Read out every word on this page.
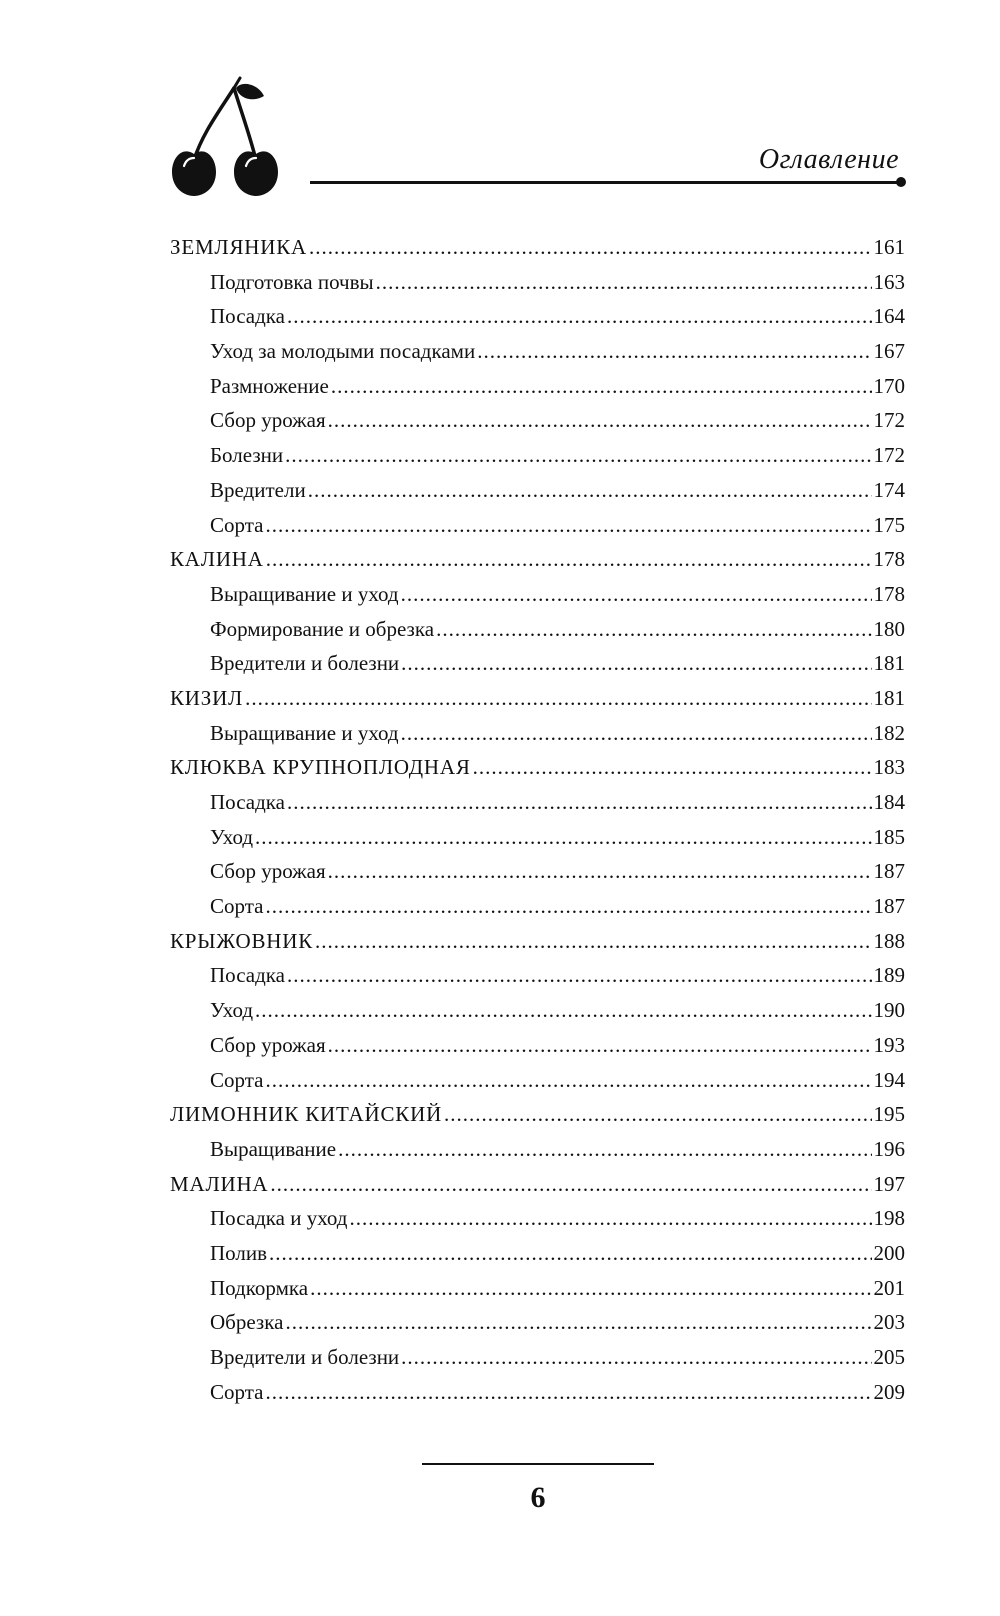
Оглавление
ЗЕМЛЯНИКА .....	161
Подготовка почвы .....	163
Посадка .....	164
Уход за молодыми посадками .....	167
Размножение .....	170
Сбор урожая .....	172
Болезни .....	172
Вредители .....	174
Сорта .....	175
КАЛИНА .....	178
Выращивание и уход .....	178
Формирование и обрезка .....	180
Вредители и болезни .....	181
КИЗИЛ .....	181
Выращивание и уход .....	182
КЛЮКВА КРУПНОПЛОДНАЯ .....	183
Посадка .....	184
Уход .....	185
Сбор урожая .....	187
Сорта .....	187
КРЫЖОВНИК .....	188
Посадка .....	189
Уход .....	190
Сбор урожая .....	193
Сорта .....	194
ЛИМОННИК КИТАЙСКИЙ .....	195
Выращивание .....	196
МАЛИНА .....	197
Посадка и уход .....	198
Полив .....	200
Подкормка .....	201
Обрезка .....	203
Вредители и болезни .....	205
Сорта .....	209
6
